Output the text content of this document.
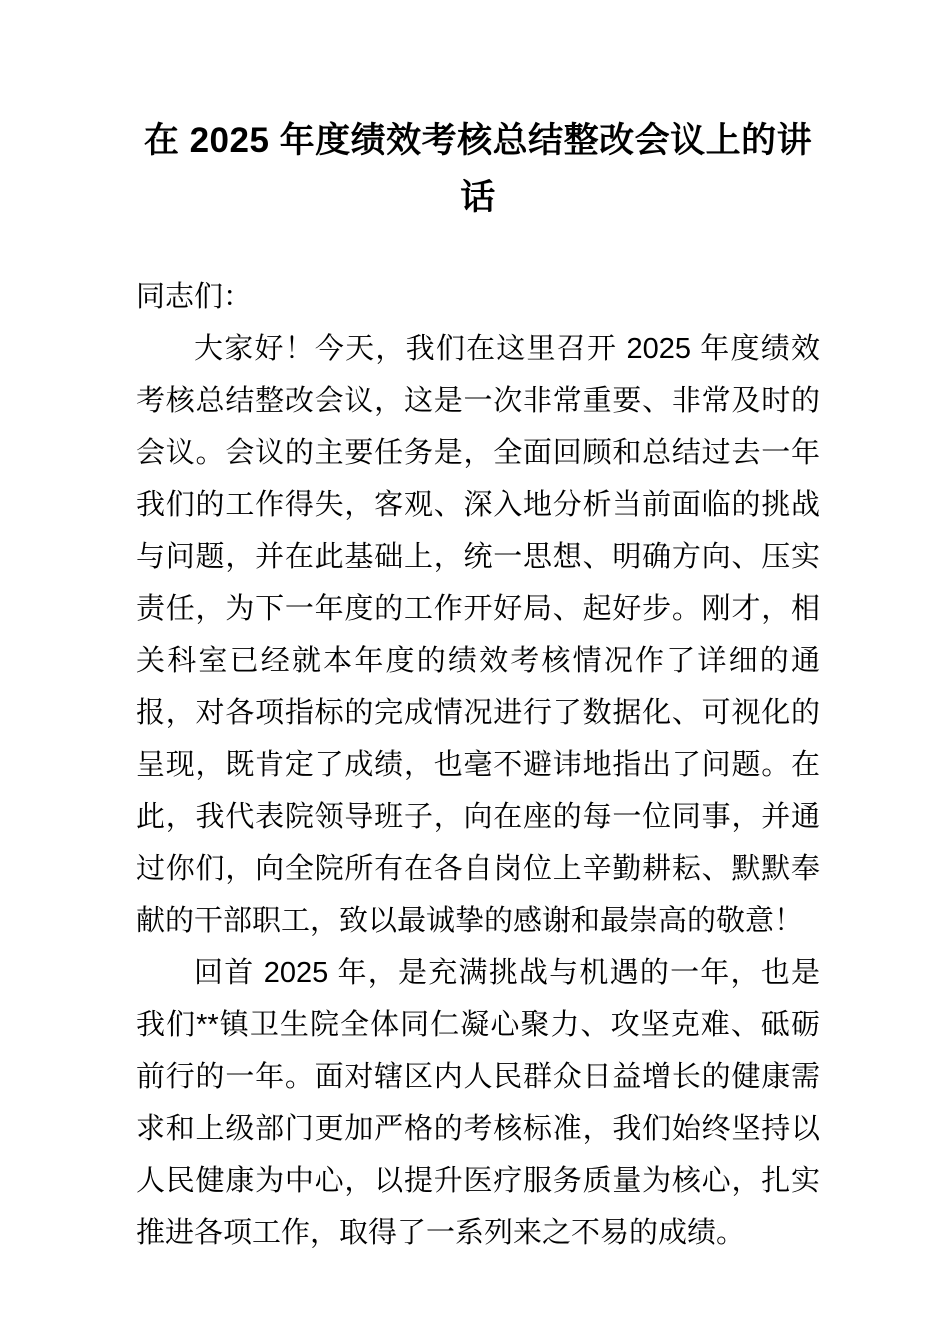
在 2025 年度绩效考核总结整改会议上的讲话

同志们：

大家好！今天，我们在这里召开 2025 年度绩效考核总结整改会议，这是一次非常重要、非常及时的会议。会议的主要任务是，全面回顾和总结过去一年我们的工作得失，客观、深入地分析当前面临的挑战与问题，并在此基础上，统一思想、明确方向、压实责任，为下一年度的工作开好局、起好步。刚才，相关科室已经就本年度的绩效考核情况作了详细的通报，对各项指标的完成情况进行了数据化、可视化的呈现，既肯定了成绩，也毫不避讳地指出了问题。在此，我代表院领导班子，向在座的每一位同事，并通过你们，向全院所有在各自岗位上辛勤耕耘、默默奉献的干部职工，致以最诚挚的感谢和最崇高的敬意！

回首 2025 年，是充满挑战与机遇的一年，也是我们**镇卫生院全体同仁凝心聚力、攻坚克难、砥砺前行的一年。面对辖区内人民群众日益增长的健康需求和上级部门更加严格的考核标准，我们始终坚持以人民健康为中心，以提升医疗服务质量为核心，扎实推进各项工作，取得了一系列来之不易的成绩。
